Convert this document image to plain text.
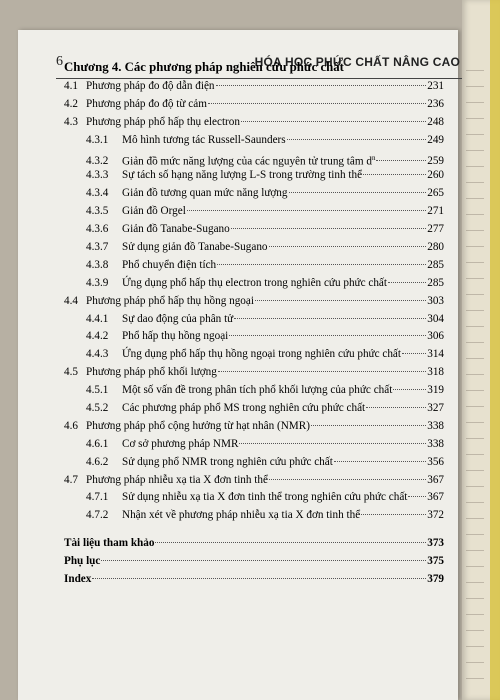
6	HÓA HỌC PHỨC CHẤT NÂNG CAO
Chương 4. Các phương pháp nghiên cứu phức chất
4.1 Phương pháp đo độ dẫn điện	231
4.2 Phương pháp đo độ từ cảm	236
4.3 Phương pháp phổ hấp thụ electron	248
4.3.1	Mô hình tương tác Russell-Saunders	249
4.3.2	Giản đồ mức năng lượng của các nguyên tử trung tâm $d^n$	259
4.3.3	Sự tách số hạng năng lượng L-S trong trường tinh thể	260
4.3.4	Giản đồ tương quan mức năng lượng	265
4.3.5	Giản đồ Orgel	271
4.3.6	Giản đồ Tanabe-Sugano	277
4.3.7	Sử dụng giản đồ Tanabe-Sugano	280
4.3.8	Phổ chuyển điện tích	285
4.3.9	Ứng dụng phổ hấp thụ electron trong nghiên cứu phức chất	285
4.4 Phương pháp phổ hấp thụ hồng ngoại	303
4.4.1	Sự dao động của phân tử	304
4.4.2	Phổ hấp thụ hồng ngoại	306
4.4.3	Ứng dụng phổ hấp thụ hồng ngoại trong nghiên cứu phức chất 314
4.5 Phương pháp phổ khối lượng	318
4.5.1	Một số vấn đề trong phân tích phổ khối lượng của phức chất	319
4.5.2	Các phương pháp phổ MS trong nghiên cứu phức chất	327
4.6 Phương pháp phổ cộng hưởng từ hạt nhân (NMR)	338
4.6.1	Cơ sở phương pháp NMR	338
4.6.2	Sử dụng phổ NMR trong nghiên cứu phức chất	356
4.7 Phương pháp nhiễu xạ tia X đơn tinh thể	367
4.7.1	Sử dụng nhiễu xạ tia X đơn tinh thể trong nghiên cứu phức chất 367
4.7.2	Nhận xét về phương pháp nhiễu xạ tia X đơn tinh thể	372
Tài liệu tham khảo	373
Phụ lục	375
Index	379
